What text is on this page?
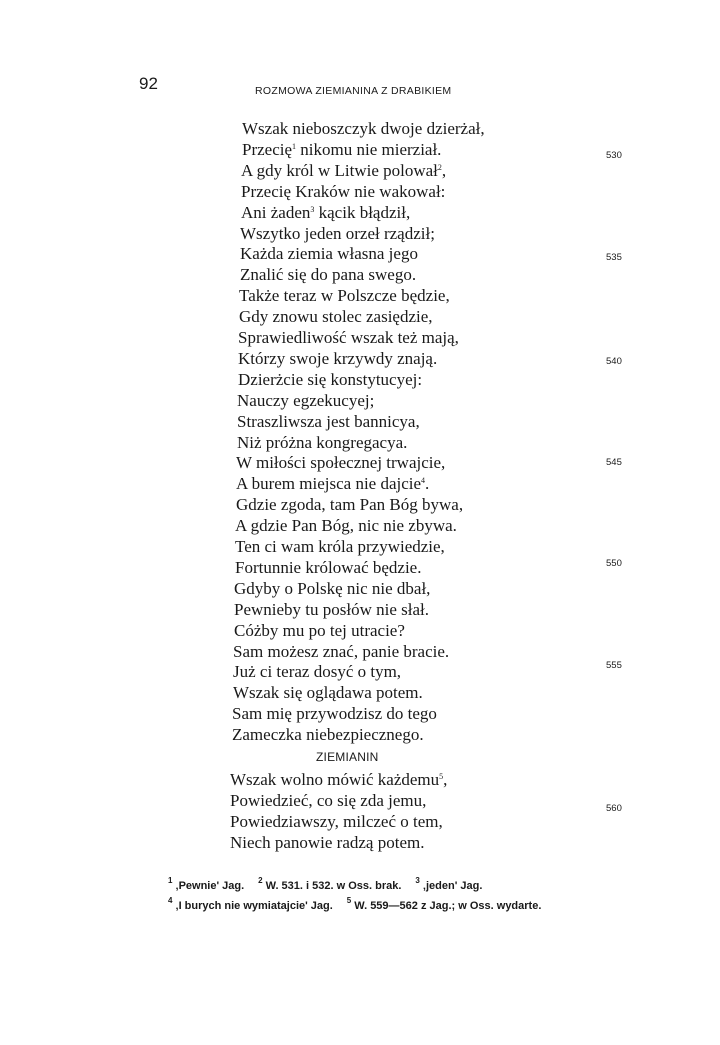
92	ROZMOWA ZIEMIANINA Z DRABIKIEM
Wszak nieboszczyk dwoje dzierżał,
Przecię$^1$ nikomu nie mierział.
A gdy król w Litwie polował$^2$,
Przecię Kraków nie wakował:
Ani żaden$^3$ kącik błądził,
Wszytko jeden orzeł rządził;
Każda ziemia własna jego
Znalić się do pana swego.
Także teraz w Polszcze będzie,
Gdy znowu stolec zasiędzie,
Sprawiedliwość wszak też mają,
Którzy swoje krzywdy znają.
Dzierżcie się konstytucyej:
Nauczy egzekucyej;
Straszliwsza jest bannicya,
Niż próżna kongregacya.
W miłości społecznej trwajcie,
A burem miejsca nie dajcie$^4$.
Gdzie zgoda, tam Pan Bóg bywa,
A gdzie Pan Bóg, nic nie zbywa.
Ten ci wam króla przywiedzie,
Fortunnie królować będzie.
Gdyby o Polskę nic nie dbał,
Pewnieby tu posłów nie słał.
Cóżby mu po tej utracie?
Sam możesz znać, panie bracie.
Już ci teraz dosyć o tym,
Wszak się oglądawa potem.
Sam mię przywodzisz do tego
Zameczka niebezpiecznego.
ZIEMIANIN
Wszak wolno mówić każdemu$^5$,
Powiedzieć, co się zda jemu,
Powiedziawszy, milczeć o tem,
Niech panowie radzą potem.
530
535
540
545
550
555
560
$^1$ ‚Pewnie' Jag. $^2$ W. 531. i 532. w Oss. brak. $^3$ ‚jeden' Jag.
$^4$ ‚I burych nie wymiatajcie' Jag. $^5$ W. 559—562 z Jag.; w Oss. wydarte.
